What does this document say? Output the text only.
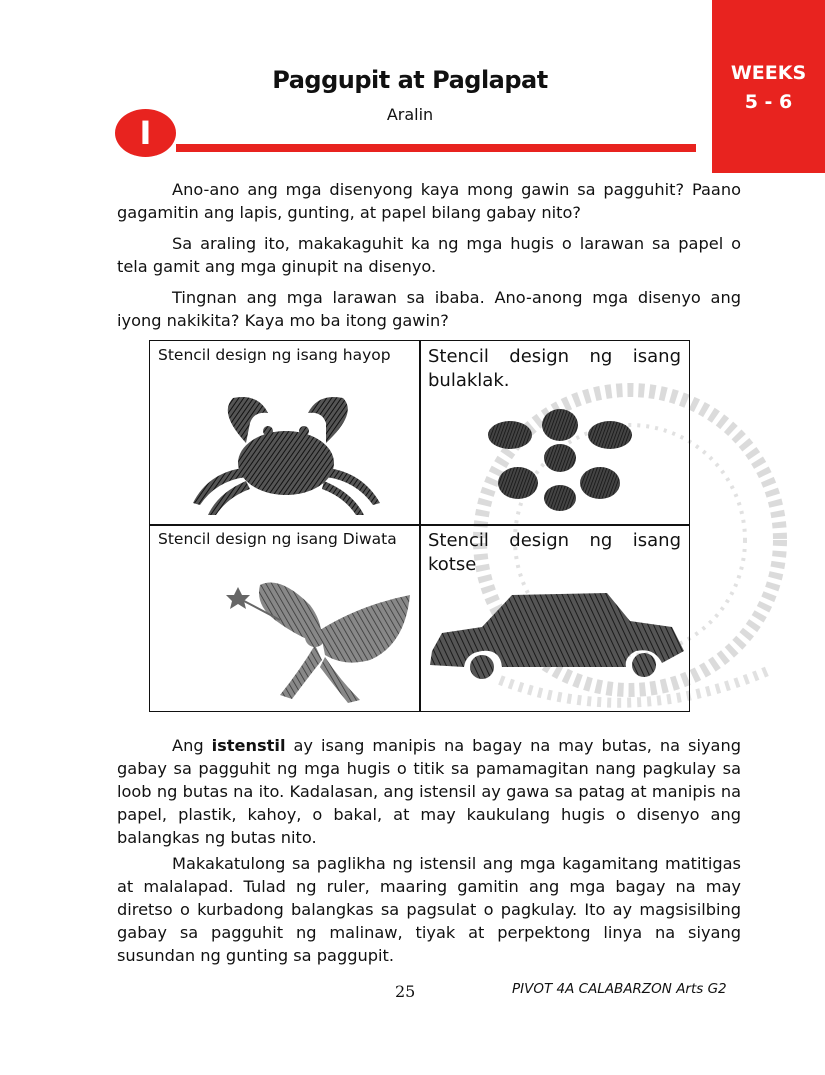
WEEKS
5 - 6
Paggupit at Paglapat
Aralin
I

Ano-ano ang mga disenyong kaya mong gawin sa pagguhit? Paano gagamitin ang lapis, gunting, at papel bilang gabay nito?

Sa araling ito, makakaguhit ka ng mga hugis o larawan sa papel o tela gamit ang mga ginupit na disenyo.

Tingnan ang mga larawan sa ibaba. Ano-anong mga disenyo ang iyong nakikita? Kaya mo ba itong gawin?

Stencil design ng isang hayop	Stencil design ng isang bulaklak.
Stencil design ng isang Diwata	Stencil design ng isang kotse

Ang istenstil ay isang manipis na bagay na may butas, na siyang gabay sa pagguhit ng mga hugis o titik sa pamamagitan nang pagkulay sa loob ng butas na ito. Kadalasan, ang istensil ay gawa sa patag at manipis na papel, plastik, kahoy, o bakal, at may kaukulang hugis o disenyo ang balangkas ng butas nito.

Makakatulong sa paglikha ng istensil ang mga kagamitang matitigas at malalapad. Tulad ng ruler, maaring gamitin ang mga bagay na may diretso o kurbadong balangkas sa pagsulat o pagkulay. Ito ay magsisilbing gabay sa pagguhit ng malinaw, tiyak at perpektong linya na siyang susundan ng gunting sa paggupit.

25	PIVOT 4A CALABARZON Arts G2
